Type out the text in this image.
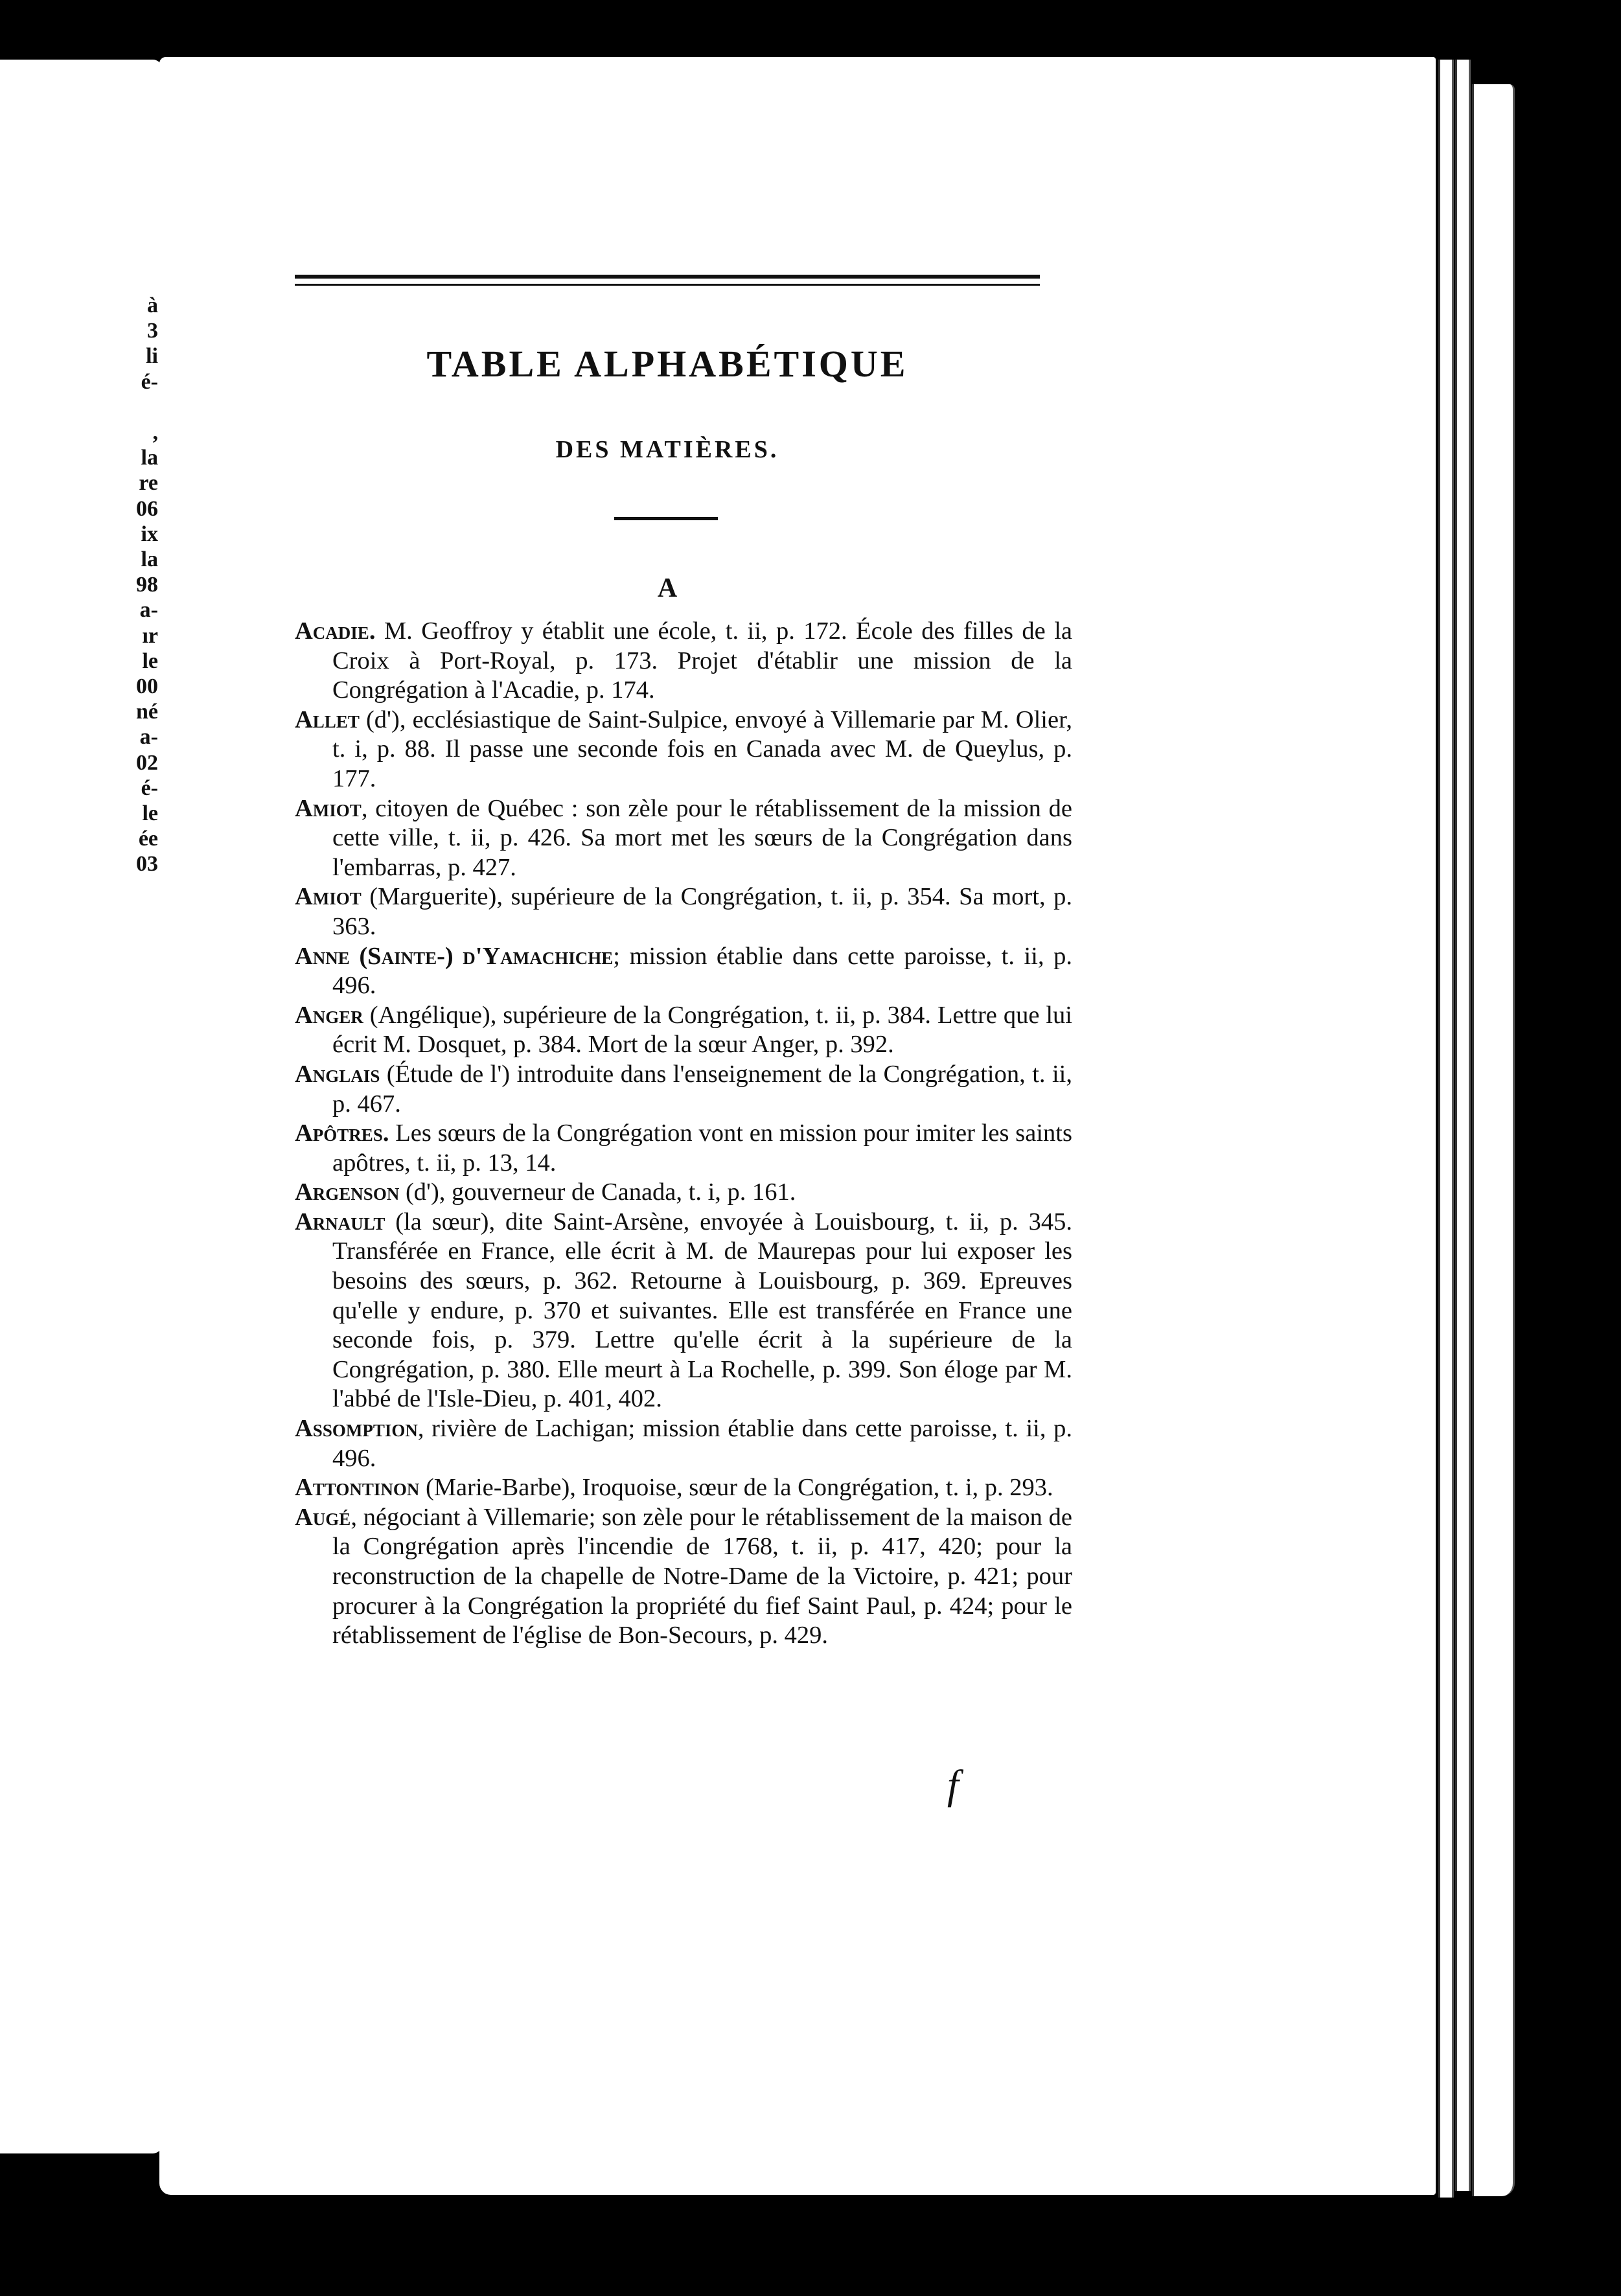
à
3
li
é-

,
la
re
06
ix
la
98
a-
ır
le
00
né
a-
02
é-
le
ée
03
TABLE ALPHABÉTIQUE
DES MATIÈRES.
A

Acadie. M. Geoffroy y établit une école, t. ii, p. 172. École des filles de la Croix à Port-Royal, p. 173. Projet d'établir une mission de la Congrégation à l'Acadie, p. 174.

Allet (d'), ecclésiastique de Saint-Sulpice, envoyé à Villemarie par M. Olier, t. i, p. 88. Il passe une seconde fois en Canada avec M. de Queylus, p. 177.

Amiot, citoyen de Québec : son zèle pour le rétablissement de la mission de cette ville, t. ii, p. 426. Sa mort met les sœurs de la Congrégation dans l'embarras, p. 427.

Amiot (Marguerite), supérieure de la Congrégation, t. ii, p. 354. Sa mort, p. 363.

Anne (Sainte-) d'Yamachiche; mission établie dans cette paroisse, t. ii, p. 496.

Anger (Angélique), supérieure de la Congrégation, t. ii, p. 384. Lettre que lui écrit M. Dosquet, p. 384. Mort de la sœur Anger, p. 392.

Anglais (Étude de l') introduite dans l'enseignement de la Congrégation, t. ii, p. 467.

Apôtres. Les sœurs de la Congrégation vont en mission pour imiter les saints apôtres, t. ii, p. 13, 14.

Argenson (d'), gouverneur de Canada, t. i, p. 161.

Arnault (la sœur), dite Saint-Arsène, envoyée à Louisbourg, t. ii, p. 345. Transférée en France, elle écrit à M. de Maurepas pour lui exposer les besoins des sœurs, p. 362. Retourne à Louisbourg, p. 369. Epreuves qu'elle y endure, p. 370 et suivantes. Elle est transférée en France une seconde fois, p. 379. Lettre qu'elle écrit à la supérieure de la Congrégation, p. 380. Elle meurt à La Rochelle, p. 399. Son éloge par M. l'abbé de l'Isle-Dieu, p. 401, 402.

Assomption, rivière de Lachigan; mission établie dans cette paroisse, t. ii, p. 496.

Attontinon (Marie-Barbe), Iroquoise, sœur de la Congrégation, t. i, p. 293.

Augé, négociant à Villemarie; son zèle pour le rétablissement de la maison de la Congrégation après l'incendie de 1768, t. ii, p. 417, 420; pour la reconstruction de la chapelle de Notre-Dame de la Victoire, p. 421; pour procurer à la Congrégation la propriété du fief Saint Paul, p. 424; pour le rétablissement de l'église de Bon-Secours, p. 429.

f
